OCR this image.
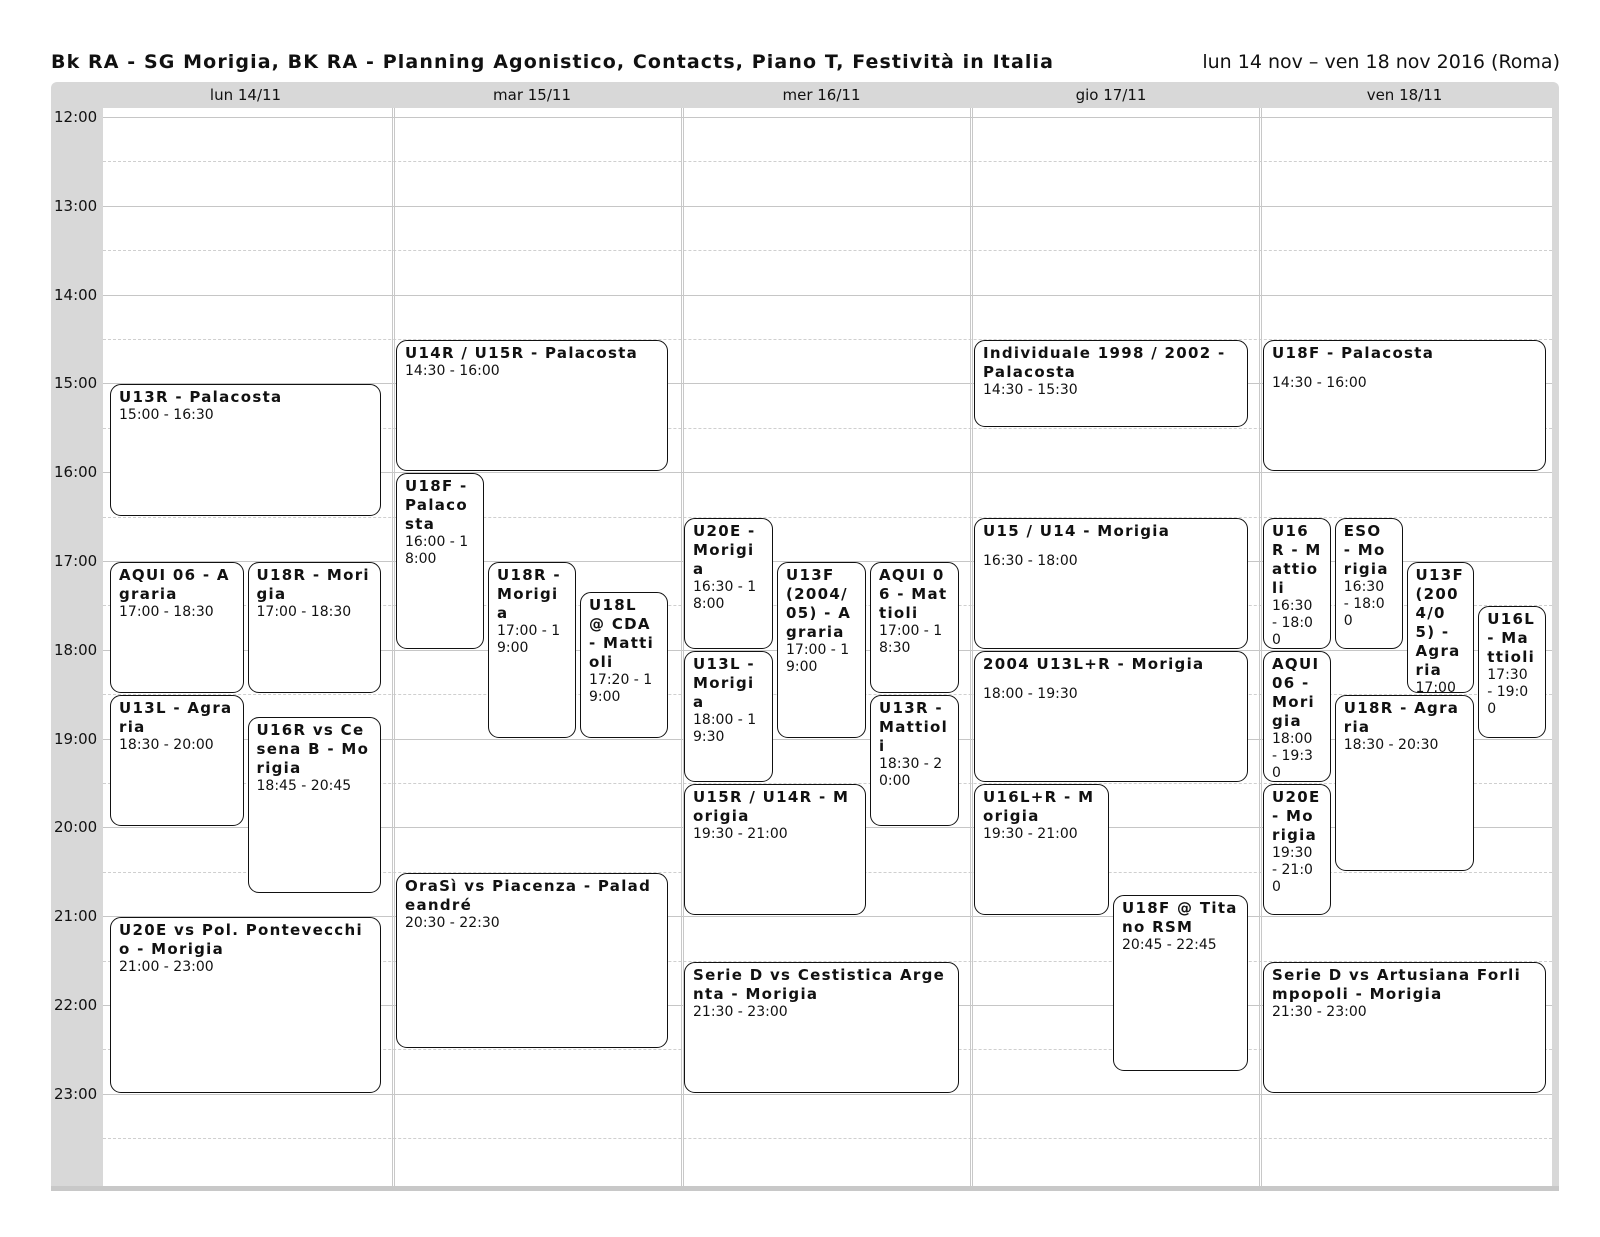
Bk RA - SG Morigia, BK RA - Planning Agonistico, Contacts, Piano T, Festività in Italia	lun 14 nov – ven 18 nov 2016 (Roma)
lun 14/11	mar 15/11	mer 16/11	gio 17/11	ven 18/11
12:00
13:00
14:00
15:00
16:00
17:00
18:00
19:00
20:00
21:00
22:00
23:00
U13R - Palacosta
15:00 - 16:30
AQUI 06 - Agraria
17:00 - 18:30
U18R - Morigia
17:00 - 18:30
U13L - Agraria
18:30 - 20:00
U16R vs Cesena B - Morigia
18:45 - 20:45
U20E vs Pol. Pontevecchio - Morigia
21:00 - 23:00
U14R / U15R - Palacosta
14:30 - 16:00
U18F - Palacosta
16:00 - 18:00
U18R - Morigia
17:00 - 19:00
U18L @ CDA - Mattioli
17:20 - 19:00
OraSì vs Piacenza - Paladeandré
20:30 - 22:30
U20E - Morigia
16:30 - 18:00
U13F (2004/05) - Agraria
17:00 - 19:00
AQUI 06 - Mattioli
17:00 - 18:30
U13L - Morigia
18:00 - 19:30
U13R - Mattioli
18:30 - 20:00
U15R / U14R - Morigia
19:30 - 21:00
Serie D vs Cestistica Argenta - Morigia
21:30 - 23:00
Individuale 1998 / 2002 - Palacosta
14:30 - 15:30
U15 / U14 - Morigia
16:30 - 18:00
2004 U13L+R - Morigia
18:00 - 19:30
U16L+R - Morigia
19:30 - 21:00
U18F @ Titano RSM
20:45 - 22:45
U18F - Palacosta
14:30 - 16:00
U16R - Mattioli
16:30 - 18:00
ESO - Morigia
16:30 - 18:00
U13F (2004/05) - Agraria
17:00
U16L - Mattioli
17:30 - 19:00
AQUI 06 - Morigia
18:00 - 19:30
U18R - Agraria
18:30 - 20:30
U20E - Morigia
19:30 - 21:00
Serie D vs Artusiana Forlimpopoli - Morigia
21:30 - 23:00
